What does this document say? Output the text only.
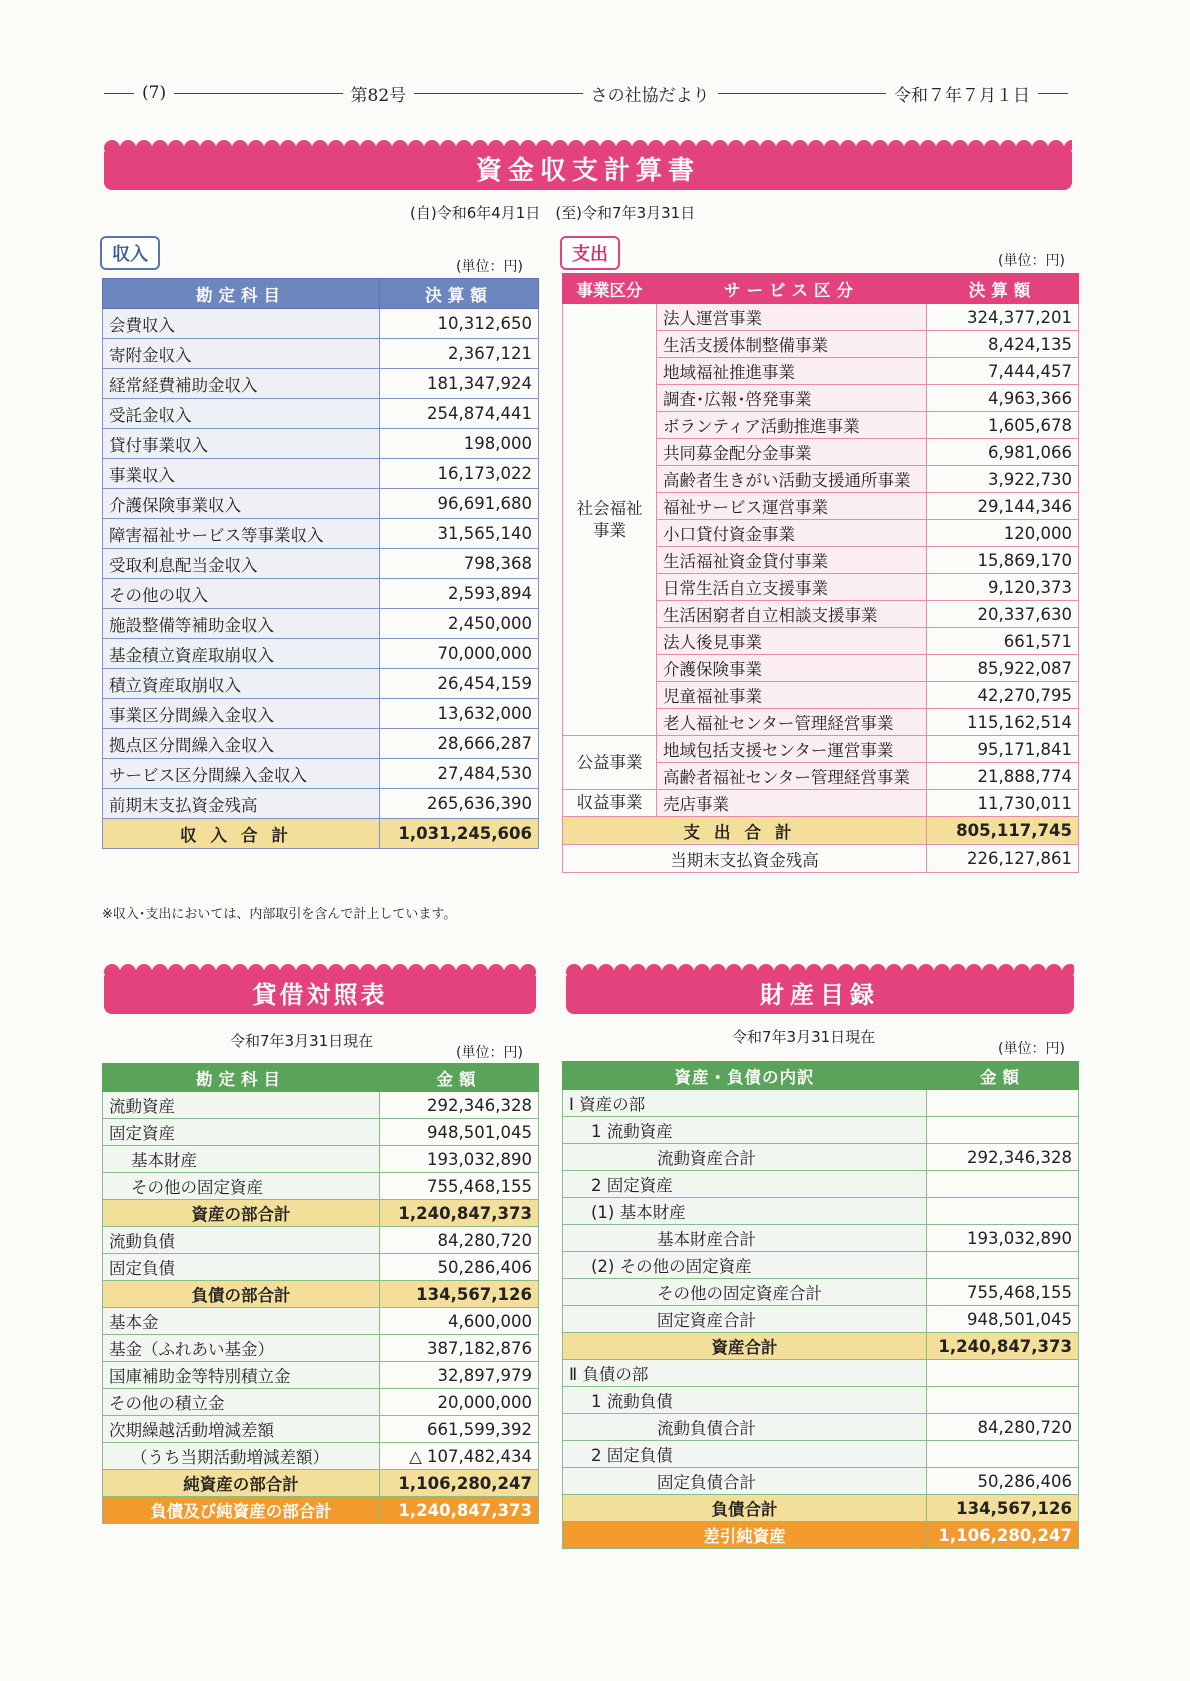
(7)	第82号	さの社協だより	令和７年７月１日
資金収支計算書
(自)令和6年4月1日　(至)令和7年3月31日
収入
(単位：円)
勘定科目	決算額
会費収入	10,312,650
寄附金収入	2,367,121
経常経費補助金収入	181,347,924
受託金収入	254,874,441
貸付事業収入	198,000
事業収入	16,173,022
介護保険事業収入	96,691,680
障害福祉サービス等事業収入	31,565,140
受取利息配当金収入	798,368
その他の収入	2,593,894
施設整備等補助金収入	2,450,000
基金積立資産取崩収入	70,000,000
積立資産取崩収入	26,454,159
事業区分間繰入金収入	13,632,000
拠点区分間繰入金収入	28,666,287
サービス区分間繰入金収入	27,484,530
前期末支払資金残高	265,636,390
収入合計	1,031,245,606
※収入･支出においては、内部取引を含んで計上しています。
支出	(単位：円)
事業区分	サービス区分	決算額
社会福祉事業	法人運営事業	324,377,201
	生活支援体制整備事業	8,424,135
	地域福祉推進事業	7,444,457
	調査･広報･啓発事業	4,963,366
	ボランティア活動推進事業	1,605,678
	共同募金配分金事業	6,981,066
	高齢者生きがい活動支援通所事業	3,922,730
	福祉サービス運営事業	29,144,346
	小口貸付資金事業	120,000
	生活福祉資金貸付事業	15,869,170
	日常生活自立支援事業	9,120,373
	生活困窮者自立相談支援事業	20,337,630
	法人後見事業	661,571
	介護保険事業	85,922,087
	児童福祉事業	42,270,795
	老人福祉センター管理経営事業	115,162,514
公益事業	地域包括支援センター運営事業	95,171,841
	高齢者福祉センター管理経営事業	21,888,774
収益事業	売店事業	11,730,011
支出合計		805,117,745
当期末支払資金残高		226,127,861
貸借対照表
令和7年3月31日現在
(単位：円)
勘定科目	金額
流動資産	292,346,328
固定資産	948,501,045
基本財産	193,032,890
その他の固定資産	755,468,155
資産の部合計	1,240,847,373
流動負債	84,280,720
固定負債	50,286,406
負債の部合計	134,567,126
基本金	4,600,000
基金（ふれあい基金）	387,182,876
国庫補助金等特別積立金	32,897,979
その他の積立金	20,000,000
次期繰越活動増減差額	661,599,392
（うち当期活動増減差額）	△ 107,482,434
純資産の部合計	1,106,280,247
負債及び純資産の部合計	1,240,847,373
財産目録
令和7年3月31日現在
(単位：円)
資産・負債の内訳	金額
Ⅰ 資産の部	
1 流動資産	
流動資産合計	292,346,328
2 固定資産	
(1) 基本財産	
基本財産合計	193,032,890
(2) その他の固定資産	
その他の固定資産合計	755,468,155
固定資産合計	948,501,045
資産合計	1,240,847,373
Ⅱ 負債の部	
1 流動負債	
流動負債合計	84,280,720
2 固定負債	
固定負債合計	50,286,406
負債合計	134,567,126
差引純資産	1,106,280,247
